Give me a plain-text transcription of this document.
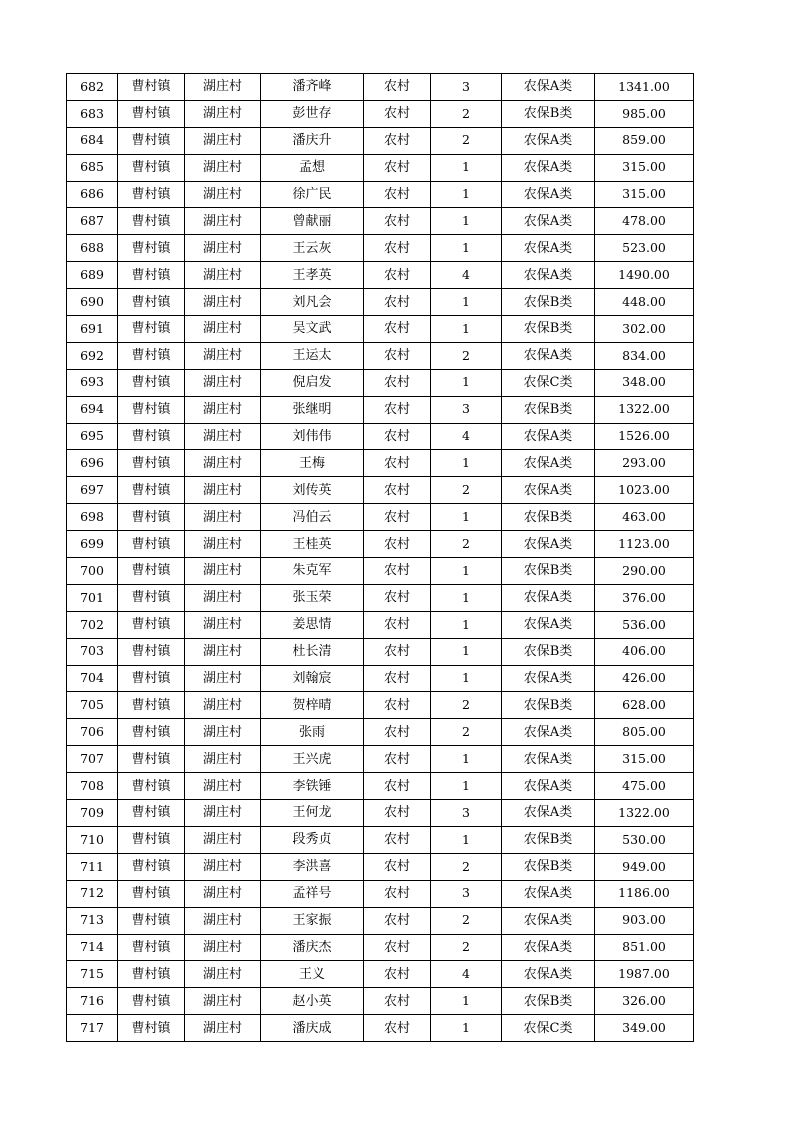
682	曹村镇	湖庄村	潘齐峰	农村	3	农保A类	1341.00
683	曹村镇	湖庄村	彭世存	农村	2	农保B类	985.00
684	曹村镇	湖庄村	潘庆升	农村	2	农保A类	859.00
685	曹村镇	湖庄村	孟想	农村	1	农保A类	315.00
686	曹村镇	湖庄村	徐广民	农村	1	农保A类	315.00
687	曹村镇	湖庄村	曾献丽	农村	1	农保A类	478.00
688	曹村镇	湖庄村	王云灰	农村	1	农保A类	523.00
689	曹村镇	湖庄村	王孝英	农村	4	农保A类	1490.00
690	曹村镇	湖庄村	刘凡会	农村	1	农保B类	448.00
691	曹村镇	湖庄村	吴文武	农村	1	农保B类	302.00
692	曹村镇	湖庄村	王运太	农村	2	农保A类	834.00
693	曹村镇	湖庄村	倪启发	农村	1	农保C类	348.00
694	曹村镇	湖庄村	张继明	农村	3	农保B类	1322.00
695	曹村镇	湖庄村	刘伟伟	农村	4	农保A类	1526.00
696	曹村镇	湖庄村	王梅	农村	1	农保A类	293.00
697	曹村镇	湖庄村	刘传英	农村	2	农保A类	1023.00
698	曹村镇	湖庄村	冯伯云	农村	1	农保B类	463.00
699	曹村镇	湖庄村	王桂英	农村	2	农保A类	1123.00
700	曹村镇	湖庄村	朱克军	农村	1	农保B类	290.00
701	曹村镇	湖庄村	张玉荣	农村	1	农保A类	376.00
702	曹村镇	湖庄村	姜思情	农村	1	农保A类	536.00
703	曹村镇	湖庄村	杜长清	农村	1	农保B类	406.00
704	曹村镇	湖庄村	刘翰宸	农村	1	农保A类	426.00
705	曹村镇	湖庄村	贺梓晴	农村	2	农保B类	628.00
706	曹村镇	湖庄村	张雨	农村	2	农保A类	805.00
707	曹村镇	湖庄村	王兴虎	农村	1	农保A类	315.00
708	曹村镇	湖庄村	李铁锤	农村	1	农保A类	475.00
709	曹村镇	湖庄村	王何龙	农村	3	农保A类	1322.00
710	曹村镇	湖庄村	段秀贞	农村	1	农保B类	530.00
711	曹村镇	湖庄村	李洪喜	农村	2	农保B类	949.00
712	曹村镇	湖庄村	孟祥号	农村	3	农保A类	1186.00
713	曹村镇	湖庄村	王家振	农村	2	农保A类	903.00
714	曹村镇	湖庄村	潘庆杰	农村	2	农保A类	851.00
715	曹村镇	湖庄村	王义	农村	4	农保A类	1987.00
716	曹村镇	湖庄村	赵小英	农村	1	农保B类	326.00
717	曹村镇	湖庄村	潘庆成	农村	1	农保C类	349.00
